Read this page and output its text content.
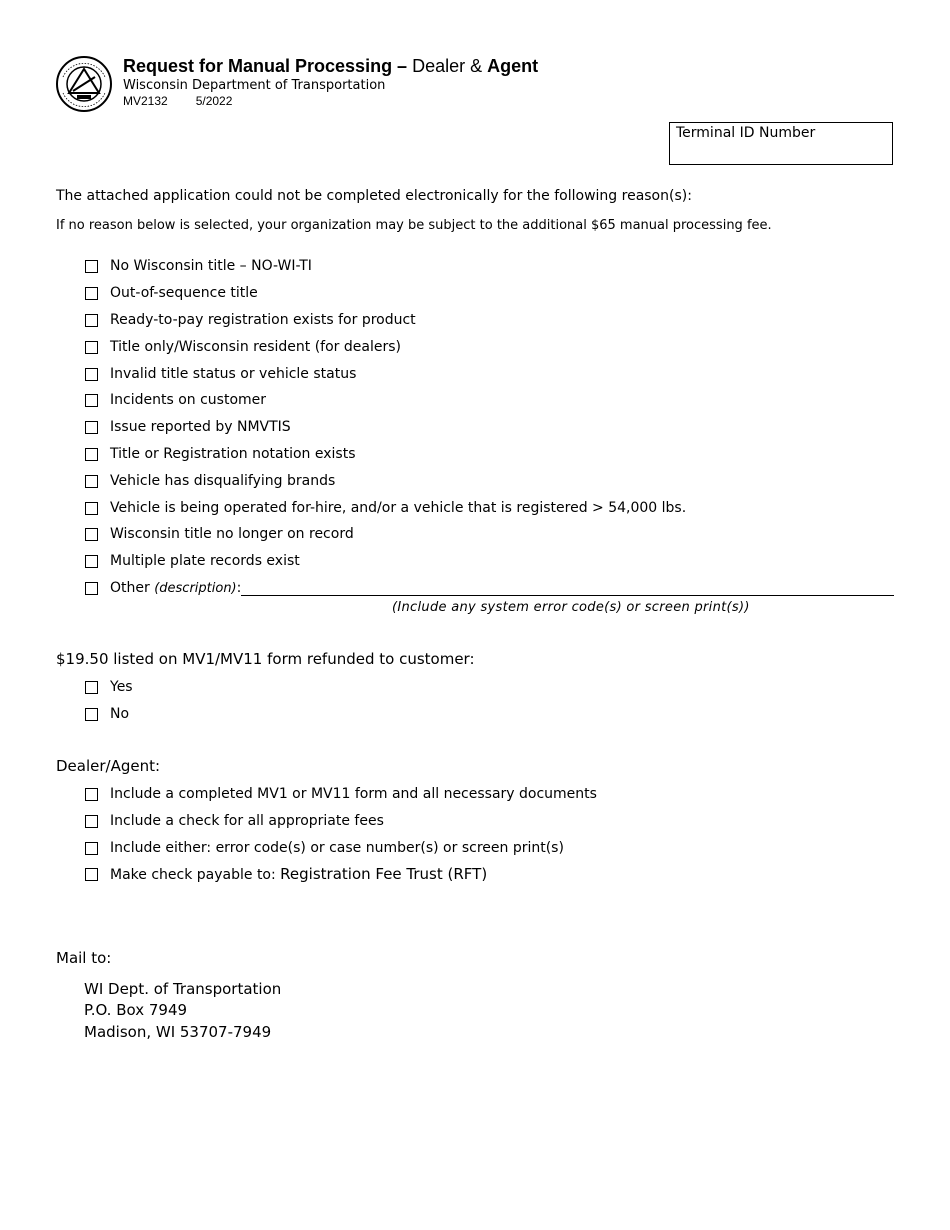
Request for Manual Processing – Dealer & Agent
Wisconsin Department of Transportation
MV2132 5/2022
Terminal ID Number
The attached application could not be completed electronically for the following reason(s):
If no reason below is selected, your organization may be subject to the additional $65 manual processing fee.
No Wisconsin title – NO-WI-TI
Out-of-sequence title
Ready-to-pay registration exists for product
Title only/Wisconsin resident (for dealers)
Invalid title status or vehicle status
Incidents on customer
Issue reported by NMVTIS
Title or Registration notation exists
Vehicle has disqualifying brands
Vehicle is being operated for-hire, and/or a vehicle that is registered > 54,000 lbs.
Wisconsin title no longer on record
Multiple plate records exist
Other (description):
(Include any system error code(s) or screen print(s))
$19.50 listed on MV1/MV11 form refunded to customer:
Yes
No
Dealer/Agent:
Include a completed MV1 or MV11 form and all necessary documents
Include a check for all appropriate fees
Include either: error code(s) or case number(s) or screen print(s)
Make check payable to: Registration Fee Trust (RFT)
Mail to:
WI Dept. of Transportation
P.O. Box 7949
Madison, WI 53707-7949
